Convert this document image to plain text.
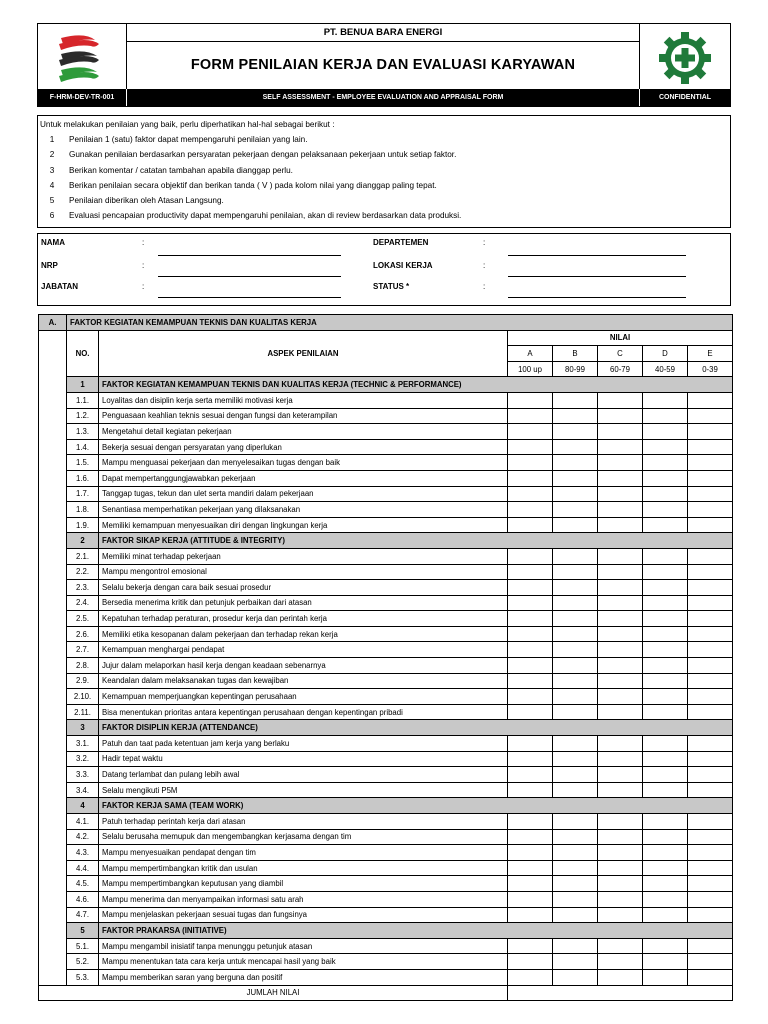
PT. BENUA BARA ENERGI
FORM PENILAIAN KERJA DAN EVALUASI KARYAWAN
F-HRM-DEV-TR-001	SELF ASSESSMENT - EMPLOYEE EVALUATION AND APPRAISAL FORM	CONFIDENTIAL
Untuk melakukan penilaian yang baik, perlu diperhatikan hal-hal sebagai berikut :
1	Penilaian 1 (satu) faktor dapat mempengaruhi penilaian yang lain.
2	Gunakan penilaian berdasarkan persyaratan pekerjaan dengan pelaksanaan pekerjaan untuk setiap faktor.
3	Berikan komentar / catatan tambahan apabila dianggap perlu.
4	Berikan penilaian secara objektif dan berikan tanda ( V ) pada kolom nilai yang dianggap paling tepat.
5	Penilaian diberikan oleh Atasan Langsung.
6	Evaluasi pencapaian productivity dapat mempengaruhi penilaian, akan di review berdasarkan data produksi.
NAMA	:
NRP	:
JABATAN	:
DEPARTEMEN	:
LOKASI KERJA	:
STATUS *	:
A.	FAKTOR KEGIATAN KEMAMPUAN TEKNIS DAN KUALITAS KERJA						
	NO.	ASPEK PENILAIAN	NILAI				
			A	B	C	D	E
			100 up	80-99	60-79	40-59	0-39
	1	FAKTOR KEGIATAN KEMAMPUAN TEKNIS DAN KUALITAS KERJA (TECHNIC & PERFORMANCE)					
	1.1.	Loyalitas dan disiplin kerja serta memiliki motivasi kerja					
	1.2.	Penguasaan keahlian teknis sesuai dengan fungsi dan keterampilan					
	1.3.	Mengetahui detail kegiatan pekerjaan					
	1.4.	Bekerja sesuai dengan persyaratan yang diperlukan					
	1.5.	Mampu menguasai pekerjaan dan menyelesaikan tugas dengan baik					
	1.6.	Dapat mempertanggungjawabkan pekerjaan					
	1.7.	Tanggap tugas, tekun dan ulet serta mandiri dalam pekerjaan					
	1.8.	Senantiasa memperhatikan pekerjaan yang dilaksanakan					
	1.9.	Memiliki kemampuan menyesuaikan diri dengan lingkungan kerja					
	2	FAKTOR SIKAP KERJA (ATTITUDE & INTEGRITY)					
	2.1.	Memiliki minat terhadap pekerjaan					
	2.2.	Mampu mengontrol emosional					
	2.3.	Selalu bekerja dengan cara baik sesuai prosedur					
	2.4.	Bersedia menerima kritik dan petunjuk perbaikan dari atasan					
	2.5.	Kepatuhan terhadap peraturan, prosedur kerja dan perintah kerja					
	2.6.	Memiliki etika kesopanan dalam pekerjaan dan terhadap rekan kerja					
	2.7.	Kemampuan menghargai pendapat					
	2.8.	Jujur dalam melaporkan hasil kerja dengan keadaan sebenarnya					
	2.9.	Keandalan dalam melaksanakan tugas dan kewajiban					
	2.10.	Kemampuan memperjuangkan kepentingan perusahaan					
	2.11.	Bisa menentukan prioritas antara kepentingan perusahaan dengan kepentingan pribadi					
	3	FAKTOR DISIPLIN KERJA (ATTENDANCE)					
	3.1.	Patuh dan taat pada ketentuan jam kerja yang berlaku					
	3.2.	Hadir tepat waktu					
	3.3.	Datang terlambat dan pulang lebih awal					
	3.4.	Selalu mengikuti P5M					
	4	FAKTOR KERJA SAMA (TEAM WORK)					
	4.1.	Patuh terhadap perintah kerja dari atasan					
	4.2.	Selalu berusaha memupuk dan mengembangkan kerjasama dengan tim					
	4.3.	Mampu menyesuaikan pendapat dengan tim					
	4.4.	Mampu mempertimbangkan kritik dan usulan					
	4.5.	Mampu mempertimbangkan keputusan yang diambil					
	4.6.	Mampu menerima dan menyampaikan informasi satu arah					
	4.7.	Mampu menjelaskan pekerjaan sesuai tugas dan fungsinya					
	5	FAKTOR PRAKARSA (INITIATIVE)					
	5.1.	Mampu mengambil inisiatif tanpa menunggu petunjuk atasan					
	5.2.	Mampu menentukan tata cara kerja untuk mencapai hasil yang baik					
	5.3.	Mampu memberikan saran yang berguna dan positif					
JUMLAH NILAI							
